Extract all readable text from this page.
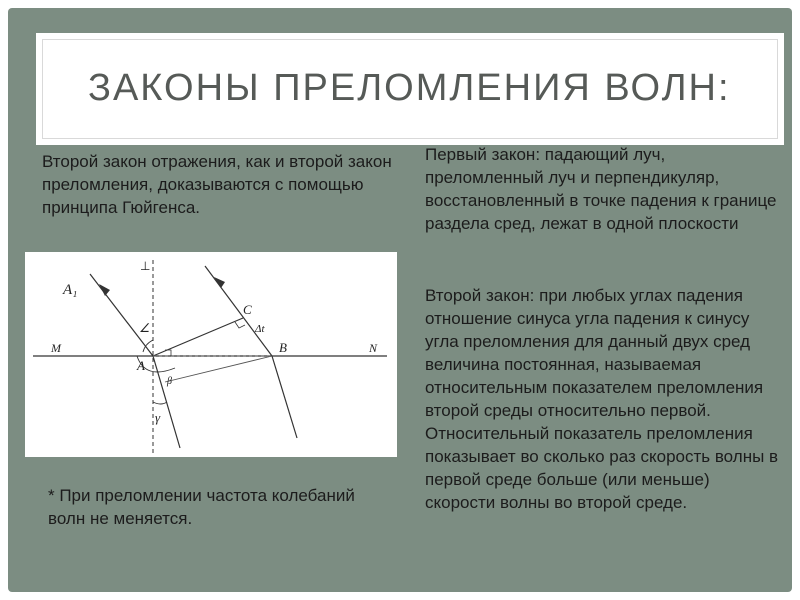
ЗАКОНЫ ПРЕЛОМЛЕНИЯ ВОЛН:
Второй закон отражения, как и второй закон преломления, доказываются с помощью принципа Гюйгенса.
A₁
M	N
A
B
C
⊥
∠	Δt
β
γ
Первый закон: падающий луч, преломленный луч и перпендикуляр, восстановленный в точке падения к границе раздела сред, лежат в одной плоскости
Второй закон: при любых углах падения отношение синуса угла падения к синусу угла преломления для данный двух сред величина постоянная, называемая относительным показателем преломления второй среды относительно первой.
Относительный показатель преломления показывает во сколько раз скорость волны в первой среде больше (или меньше) скорости волны во второй среде.
* При преломлении частота колебаний волн не меняется.
